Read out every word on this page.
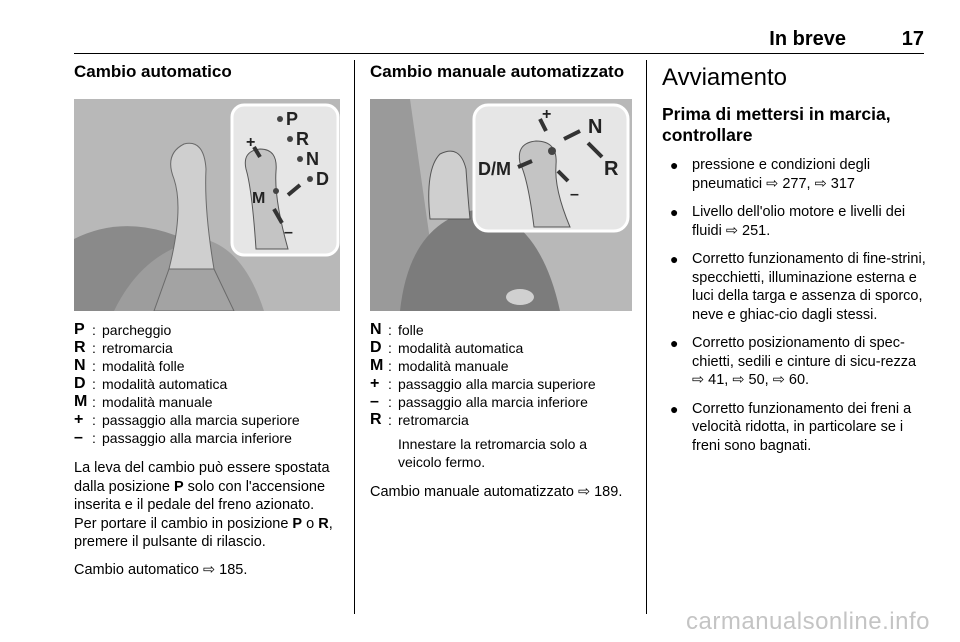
In breve	17
Cambio automatico
P
R
N
D
M
+
–
P : parcheggio
R : retromarcia
N : modalità folle
D : modalità automatica
M : modalità manuale
+ : passaggio alla marcia superiore
– : passaggio alla marcia inferiore

La leva del cambio può essere spostata dalla posizione P solo con l'accensione inserita e il pedale del freno azionato. Per portare il cambio in posizione P o R, premere il pulsante di rilascio.

Cambio automatico ⇨ 185.

Cambio manuale automatizzato
D/M
N
R
+
–
N : folle
D : modalità automatica
M : modalità manuale
+ : passaggio alla marcia superiore
– : passaggio alla marcia inferiore
R : retromarcia
Innestare la retromarcia solo a veicolo fermo.

Cambio manuale automatizzato ⇨ 189.

Avviamento
Prima di mettersi in marcia, controllare
● pressione e condizioni degli pneumatici ⇨ 277, ⇨ 317
● Livello dell'olio motore e livelli dei fluidi ⇨ 251.
● Corretto funzionamento di fine-strini, specchietti, illuminazione esterna e luci della targa e assenza di sporco, neve e ghiac-cio dagli stessi.
● Corretto posizionamento di spec-chietti, sedili e cinture di sicu-rezza ⇨ 41, ⇨ 50, ⇨ 60.
● Corretto funzionamento dei freni a velocità ridotta, in particolare se i freni sono bagnati.
carmanualsonline.info
